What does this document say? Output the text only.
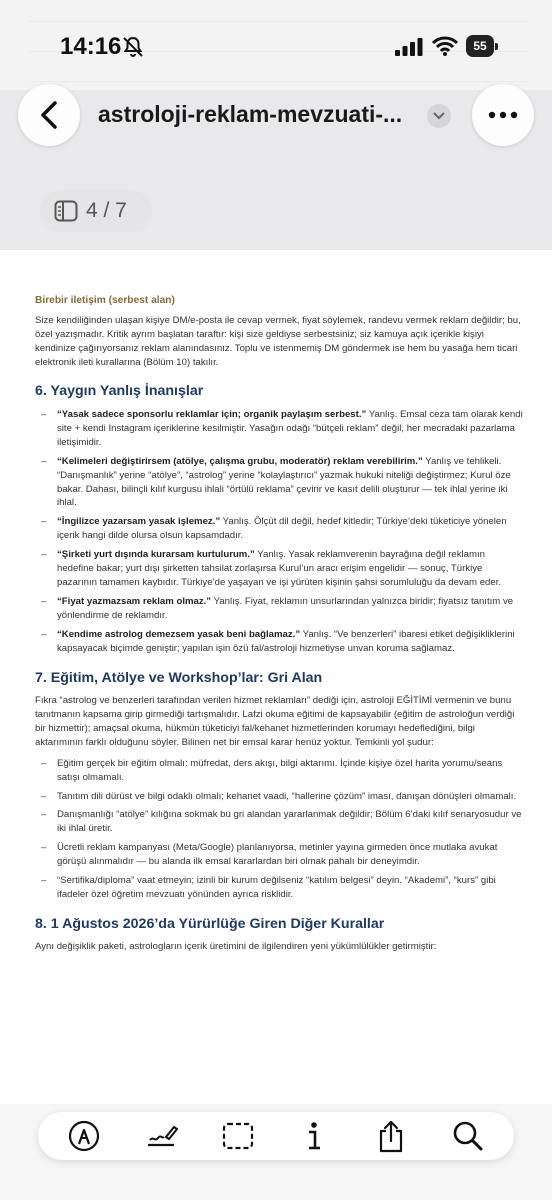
14:16	55
astroloji-reklam-mevzuati-...
4 / 7
Birebir iletişim (serbest alan)

Size kendiliğinden ulaşan kişiye DM/e-posta ile cevap vermek, fiyat söylemek, randevu vermek reklam değildir; bu, özel yazışmadır. Kritik ayrım başlatan taraftır: kişi size geldiyse serbestsiniz; siz kamuya açık içerikle kişiyi kendinize çağırıyorsanız reklam alanındasınız. Toplu ve istenmemiş DM göndermek ise hem bu yasağa hem ticari elektronik ileti kurallarına (Bölüm 10) takılır.

6. Yaygın Yanlış İnanışlar
– “Yasak sadece sponsorlu reklamlar için; organik paylaşım serbest.” Yanlış. Emsal ceza tam olarak kendi site + kendi Instagram içeriklerine kesilmiştir. Yasağın odağı “bütçeli reklam” değil, her mecradaki pazarlama iletişimidir.
– “Kelimeleri değiştirirsem (atölye, çalışma grubu, moderatör) reklam verebilirim.” Yanlış ve tehlikeli. “Danışmanlık” yerine “atölye”, “astrolog” yerine “kolaylaştırıcı” yazmak hukuki niteliği değiştirmez; Kurul öze bakar. Dahası, bilinçli kılıf kurgusu ihlali “örtülü reklama” çevirir ve kasıt delili oluşturur — tek ihlal yerine iki ihlal.
– “İngilizce yazarsam yasak işlemez.” Yanlış. Ölçüt dil değil, hedef kitledir; Türkiye’deki tüketiciye yönelen içerik hangi dilde olursa olsun kapsamdadır.
– “Şirketi yurt dışında kurarsam kurtulurum.” Yanlış. Yasak reklamverenin bayrağına değil reklamın hedefine bakar; yurt dışı şirketten tahsilat zorlaşırsa Kurul’un aracı erişim engelidir — sonuç, Türkiye pazarının tamamen kaybıdır. Türkiye’de yaşayan ve işi yürüten kişinin şahsi sorumluluğu da devam eder.
– “Fiyat yazmazsam reklam olmaz.” Yanlış. Fiyat, reklamın unsurlarından yalnızca biridir; fiyatsız tanıtım ve yönlendirme de reklamdır.
– “Kendime astrolog demezsem yasak beni bağlamaz.” Yanlış. “Ve benzerleri” ibaresi etiket değişikliklerini kapsayacak biçimde geniştir; yapılan işin özü fal/astroloji hizmetiyse unvan koruma sağlamaz.
7. Eğitim, Atölye ve Workshop’lar: Gri Alan

Fıkra “astrolog ve benzerleri tarafından verilen hizmet reklamları” dediği için, astroloji EĞİTİMİ vermenin ve bunu tanıtmanın kapsama girip girmediği tartışmalıdır. Lafzi okuma eğitimi de kapsayabilir (eğitim de astroloğun verdiği bir hizmettir); amaçsal okuma, hükmün tüketiciyi fal/kehanet hizmetlerinden korumayı hedeflediğini, bilgi aktarımının farklı olduğunu söyler. Bilinen net bir emsal karar henüz yoktur. Temkinli yol şudur:

– Eğitim gerçek bir eğitim olmalı: müfredat, ders akışı, bilgi aktarımı. İçinde kişiye özel harita yorumu/seans satışı olmamalı.
– Tanıtım dili dürüst ve bilgi odaklı olmalı; kehanet vaadi, “hallerine çözüm” iması, danışan dönüşleri olmamalı.
– Danışmanlığı “atölye” kılığına sokmak bu gri alandan yararlanmak değildir; Bölüm 6’daki kılıf senaryosudur ve iki ihlal üretir.
– Ücretli reklam kampanyası (Meta/Google) planlanıyorsa, metinler yayına girmeden önce mutlaka avukat görüşü alınmalıdır — bu alanda ilk emsal kararlardan biri olmak pahalı bir deneyimdir.
– “Sertifika/diploma” vaat etmeyin; izinli bir kurum değilseniz “katılım belgesi” deyin. “Akademi”, “kurs” gibi ifadeler özel öğretim mevzuatı yönünden ayrıca risklidir.
8. 1 Ağustos 2026’da Yürürlüğe Giren Diğer Kurallar

Aynı değişiklik paketi, astrologların içerik üretimini de ilgilendiren yeni yükümlülükler getirmiştir:
